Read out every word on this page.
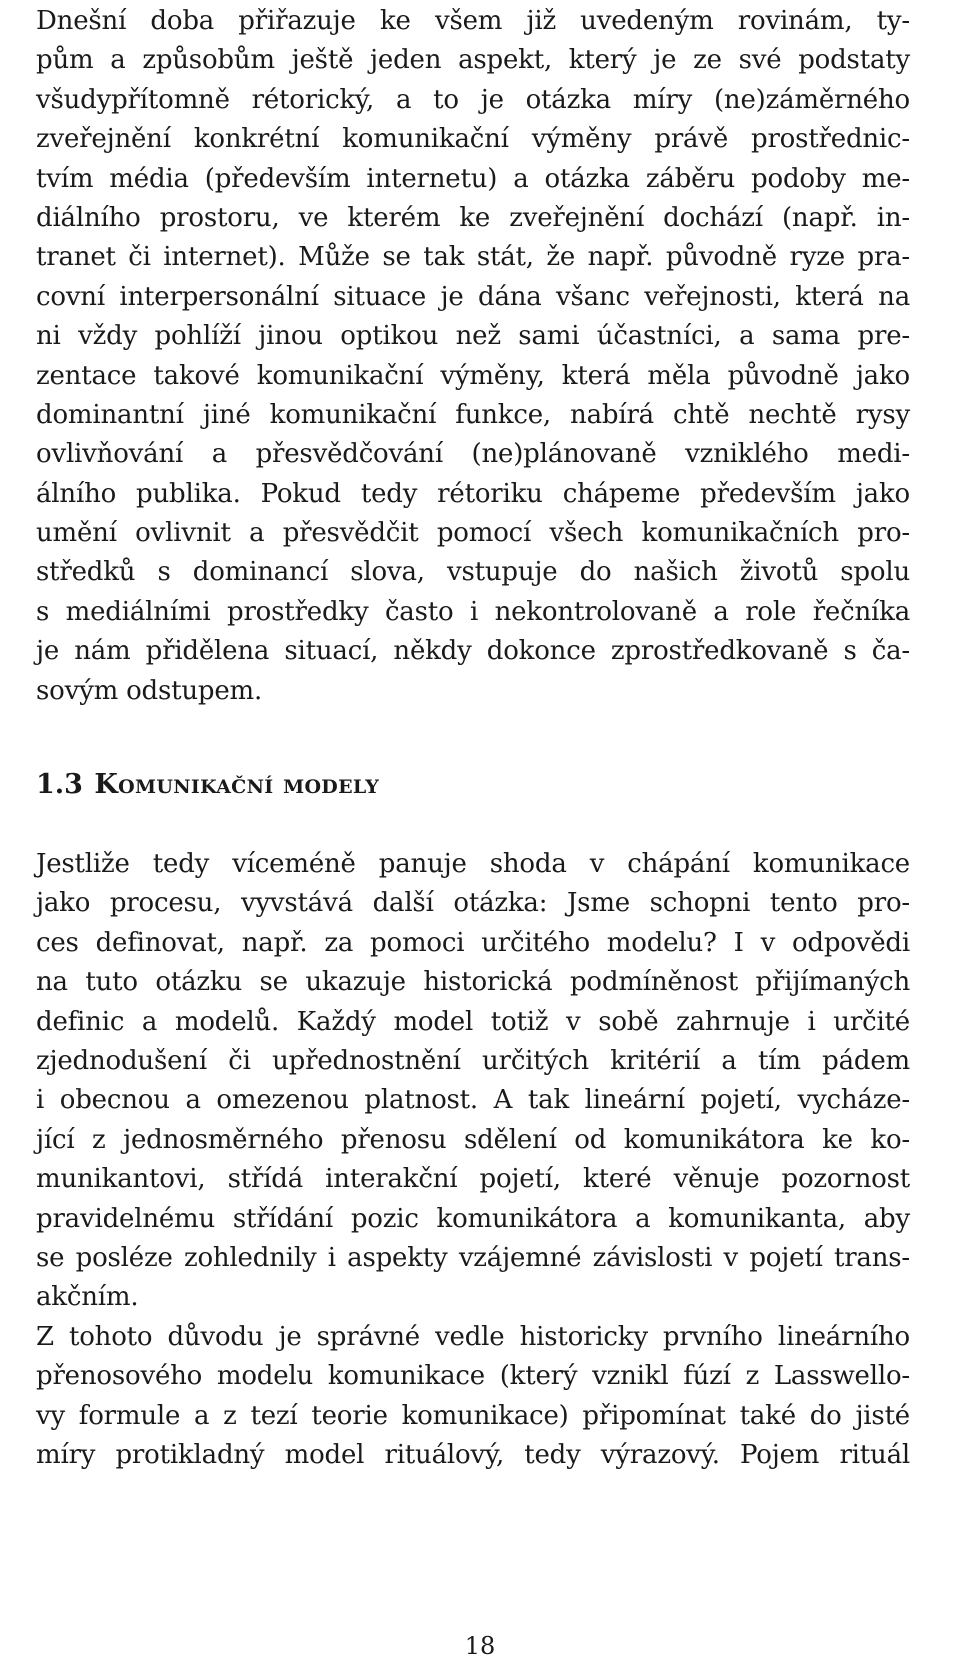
Dnešní doba přiřazuje ke všem již uvedeným rovinám, ty-
pům a způsobům ještě jeden aspekt, který je ze své podstaty
všudypřítomně rétorický, a to je otázka míry (ne)záměrného
zveřejnění konkrétní komunikační výměny právě prostřednic-
tvím média (především internetu) a otázka záběru podoby me-
diálního prostoru, ve kterém ke zveřejnění dochází (např. in-
tranet či internet). Může se tak stát, že např. původně ryze pra-
covní interpersonální situace je dána všanc veřejnosti, která na
ni vždy pohlíží jinou optikou než sami účastníci, a sama pre-
zentace takové komunikační výměny, která měla původně jako
dominantní jiné komunikační funkce, nabírá chtě nechtě rysy
ovlivňování a přesvědčování (ne)plánovaně vzniklého medi-
álního publika. Pokud tedy rétoriku chápeme především jako
umění ovlivnit a přesvědčit pomocí všech komunikačních pro-
středků s dominancí slova, vstupuje do našich životů spolu
s mediálními prostředky často i nekontrolovaně a role řečníka
je nám přidělena situací, někdy dokonce zprostředkovaně s ča-
sovým odstupem.
1.3 Komunikační modely
Jestliže tedy víceméně panuje shoda v chápání komunikace
jako procesu, vyvstává další otázka: Jsme schopni tento pro-
ces definovat, např. za pomoci určitého modelu? I v odpovědi
na tuto otázku se ukazuje historická podmíněnost přijímaných
definic a modelů. Každý model totiž v sobě zahrnuje i určité
zjednodušení či upřednostnění určitých kritérií a tím pádem
i obecnou a omezenou platnost. A tak lineární pojetí, vycháze-
jící z jednosměrného přenosu sdělení od komunikátora ke ko-
munikantovi, střídá interakční pojetí, které věnuje pozornost
pravidelnému střídání pozic komunikátora a komunikanta, aby
se posléze zohlednily i aspekty vzájemné závislosti v pojetí trans-
akčním.
Z tohoto důvodu je správné vedle historicky prvního lineárního
přenosového modelu komunikace (který vznikl fúzí z Lasswello-
vy formule a z tezí teorie komunikace) připomínat také do jisté
míry protikladný model rituálový, tedy výrazový. Pojem rituál
18
